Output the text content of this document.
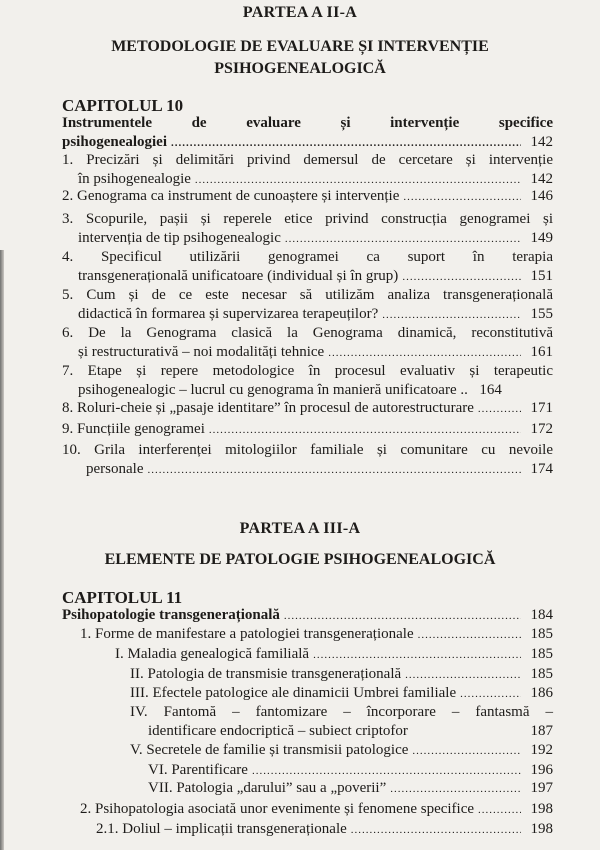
PARTEA A II-A
METODOLOGIE DE EVALUARE ȘI INTERVENȚIE
PSIHOGENEALOGICĂ
CAPITOLUL 10
Instrumentele de evaluare și intervenție specifice
psihogenealogiei .....	142
1. Precizări și delimitări privind demersul de cercetare și intervenție
în psihogenealogie .....	142
2. Genograma ca instrument de cunoaștere și intervenție .....	146
3. Scopurile, pașii și reperele etice privind construcția genogramei și
intervenția de tip psihogenealogic .....	149
4. Specificul utilizării genogramei ca suport în terapia
transgenerațională unificatoare (individual și în grup) .....	151
5. Cum și de ce este necesar să utilizăm analiza transgenerațională
didactică în formarea și supervizarea terapeuților? .....	155
6. De la Genograma clasică la Genograma dinamică, reconstitutivă
și restructurativă – noi modalități tehnice .....	161
7. Etape și repere metodologice în procesul evaluativ și terapeutic
psihogenealogic – lucrul cu genograma în manieră unificatoare .. 164
8. Roluri-cheie și „pasaje identitare” în procesul de autorestructurare .....	171
9. Funcțiile genogramei .....	172
10. Grila interferenței mitologiilor familiale și comunitare cu nevoile
personale .....	174
PARTEA A III-A
ELEMENTE DE PATOLOGIE PSIHOGENEALOGICĂ
CAPITOLUL 11
Psihopatologie transgenerațională .....	184
1. Forme de manifestare a patologiei transgeneraționale .....	185
I. Maladia genealogică familială .....	185
II. Patologia de transmisie transgenerațională .....	185
III. Efectele patologice ale dinamicii Umbrei familiale .....	186
IV. Fantomă – fantomizare – încorporare – fantasmă –
identificare endocriptică – subiect criptofor	187
V. Secretele de familie și transmisii patologice .....	192
VI. Parentificare .....	196
VII. Patologia „darului” sau a „poverii” .....	197
2. Psihopatologia asociată unor evenimente și fenomene specifice .....	198
2.1. Doliul – implicații transgeneraționale .....	198
